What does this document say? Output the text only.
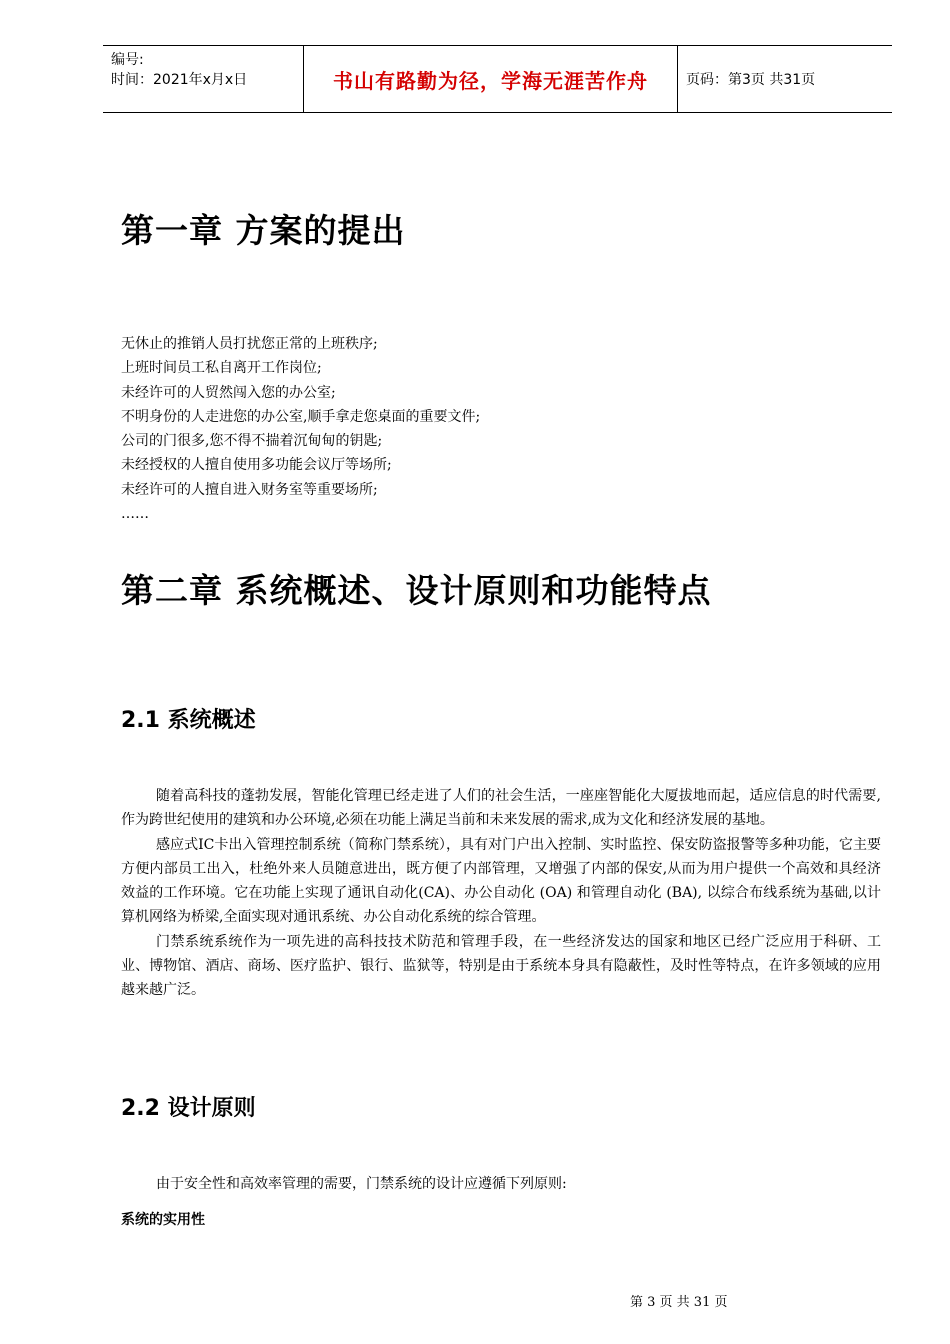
编号:
时间：2021年x月x日	书山有路勤为径，学海无涯苦作舟	页码：第3页 共31页
第一章 方案的提出
无休止的推销人员打扰您正常的上班秩序;
上班时间员工私自离开工作岗位;
未经许可的人贸然闯入您的办公室;
不明身份的人走进您的办公室,顺手拿走您桌面的重要文件;
公司的门很多,您不得不揣着沉甸甸的钥匙;
未经授权的人擅自使用多功能会议厅等场所;
未经许可的人擅自进入财务室等重要场所;
……
第二章 系统概述、设计原则和功能特点
2.1 系统概述

随着高科技的蓬勃发展，智能化管理已经走进了人们的社会生活，一座座智能化大厦拔地而起，适应信息的时代需要,作为跨世纪使用的建筑和办公环境,必须在功能上满足当前和未来发展的需求,成为文化和经济发展的基地。

感应式IC卡出入管理控制系统（简称门禁系统），具有对门户出入控制、实时监控、保安防盗报警等多种功能，它主要方便内部员工出入，杜绝外来人员随意进出，既方便了内部管理，又增强了内部的保安,从而为用户提供一个高效和具经济效益的工作环境。它在功能上实现了通讯自动化(CA)、办公自动化 (OA) 和管理自动化 (BA), 以综合布线系统为基础,以计算机网络为桥梁,全面实现对通讯系统、办公自动化系统的综合管理。

门禁系统系统作为一项先进的高科技技术防范和管理手段，在一些经济发达的国家和地区已经广泛应用于科研、工业、博物馆、酒店、商场、医疗监护、银行、监狱等，特别是由于系统本身具有隐蔽性，及时性等特点，在许多领域的应用越来越广泛。

2.2 设计原则

由于安全性和高效率管理的需要，门禁系统的设计应遵循下列原则:

系统的实用性

第 3 页 共 31 页
